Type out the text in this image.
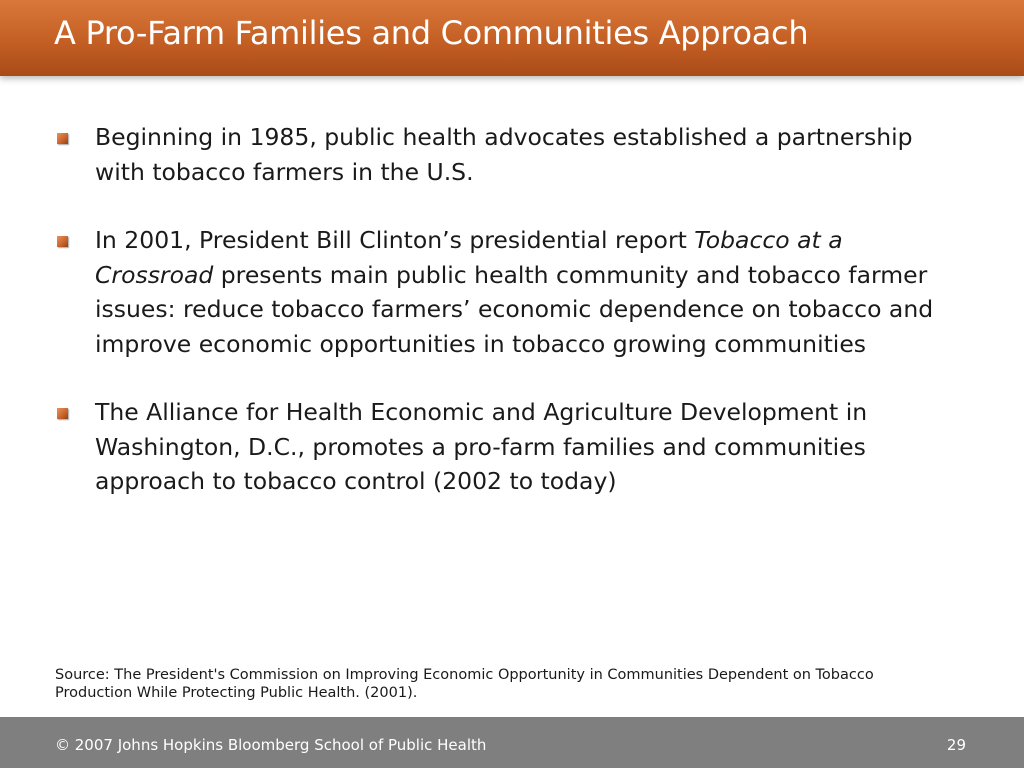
A Pro-Farm Families and Communities Approach
Beginning in 1985, public health advocates established a partnership with tobacco farmers in the U.S.
In 2001, President Bill Clinton’s presidential report Tobacco at a Crossroad presents main public health community and tobacco farmer issues: reduce tobacco farmers’ economic dependence on tobacco and improve economic opportunities in tobacco growing communities
The Alliance for Health Economic and Agriculture Development in Washington, D.C., promotes a pro-farm families and communities approach to tobacco control (2002 to today)
Source: The President's Commission on Improving Economic Opportunity in Communities Dependent on Tobacco Production While Protecting Public Health. (2001).
© 2007 Johns Hopkins Bloomberg School of Public Health	29
